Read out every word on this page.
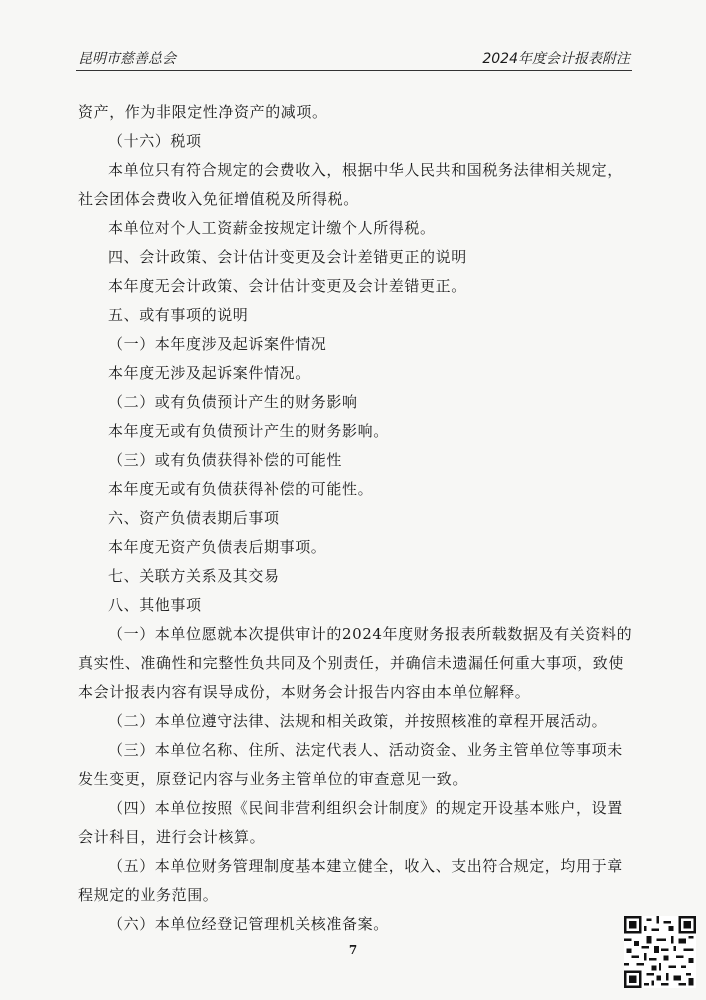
昆明市慈善总会	2024年度会计报表附注

资产，作为非限定性净资产的减项。

（十六）税项

本单位只有符合规定的会费收入，根据中华人民共和国税务法律相关规定，社会团体会费收入免征增值税及所得税。

本单位对个人工资薪金按规定计缴个人所得税。

四、会计政策、会计估计变更及会计差错更正的说明

本年度无会计政策、会计估计变更及会计差错更正。

五、或有事项的说明

（一）本年度涉及起诉案件情况

本年度无涉及起诉案件情况。

（二）或有负债预计产生的财务影响

本年度无或有负债预计产生的财务影响。

（三）或有负债获得补偿的可能性

本年度无或有负债获得补偿的可能性。

六、资产负债表期后事项

本年度无资产负债表后期事项。

七、关联方关系及其交易

八、其他事项

（一）本单位愿就本次提供审计的2024年度财务报表所载数据及有关资料的真实性、准确性和完整性负共同及个别责任，并确信未遗漏任何重大事项，致使本会计报表内容有误导成份，本财务会计报告内容由本单位解释。

（二）本单位遵守法律、法规和相关政策，并按照核准的章程开展活动。

（三）本单位名称、住所、法定代表人、活动资金、业务主管单位等事项未发生变更，原登记内容与业务主管单位的审查意见一致。

（四）本单位按照《民间非营利组织会计制度》的规定开设基本账户，设置会计科目，进行会计核算。

（五）本单位财务管理制度基本建立健全，收入、支出符合规定，均用于章程规定的业务范围。

（六）本单位经登记管理机关核准备案。

7
